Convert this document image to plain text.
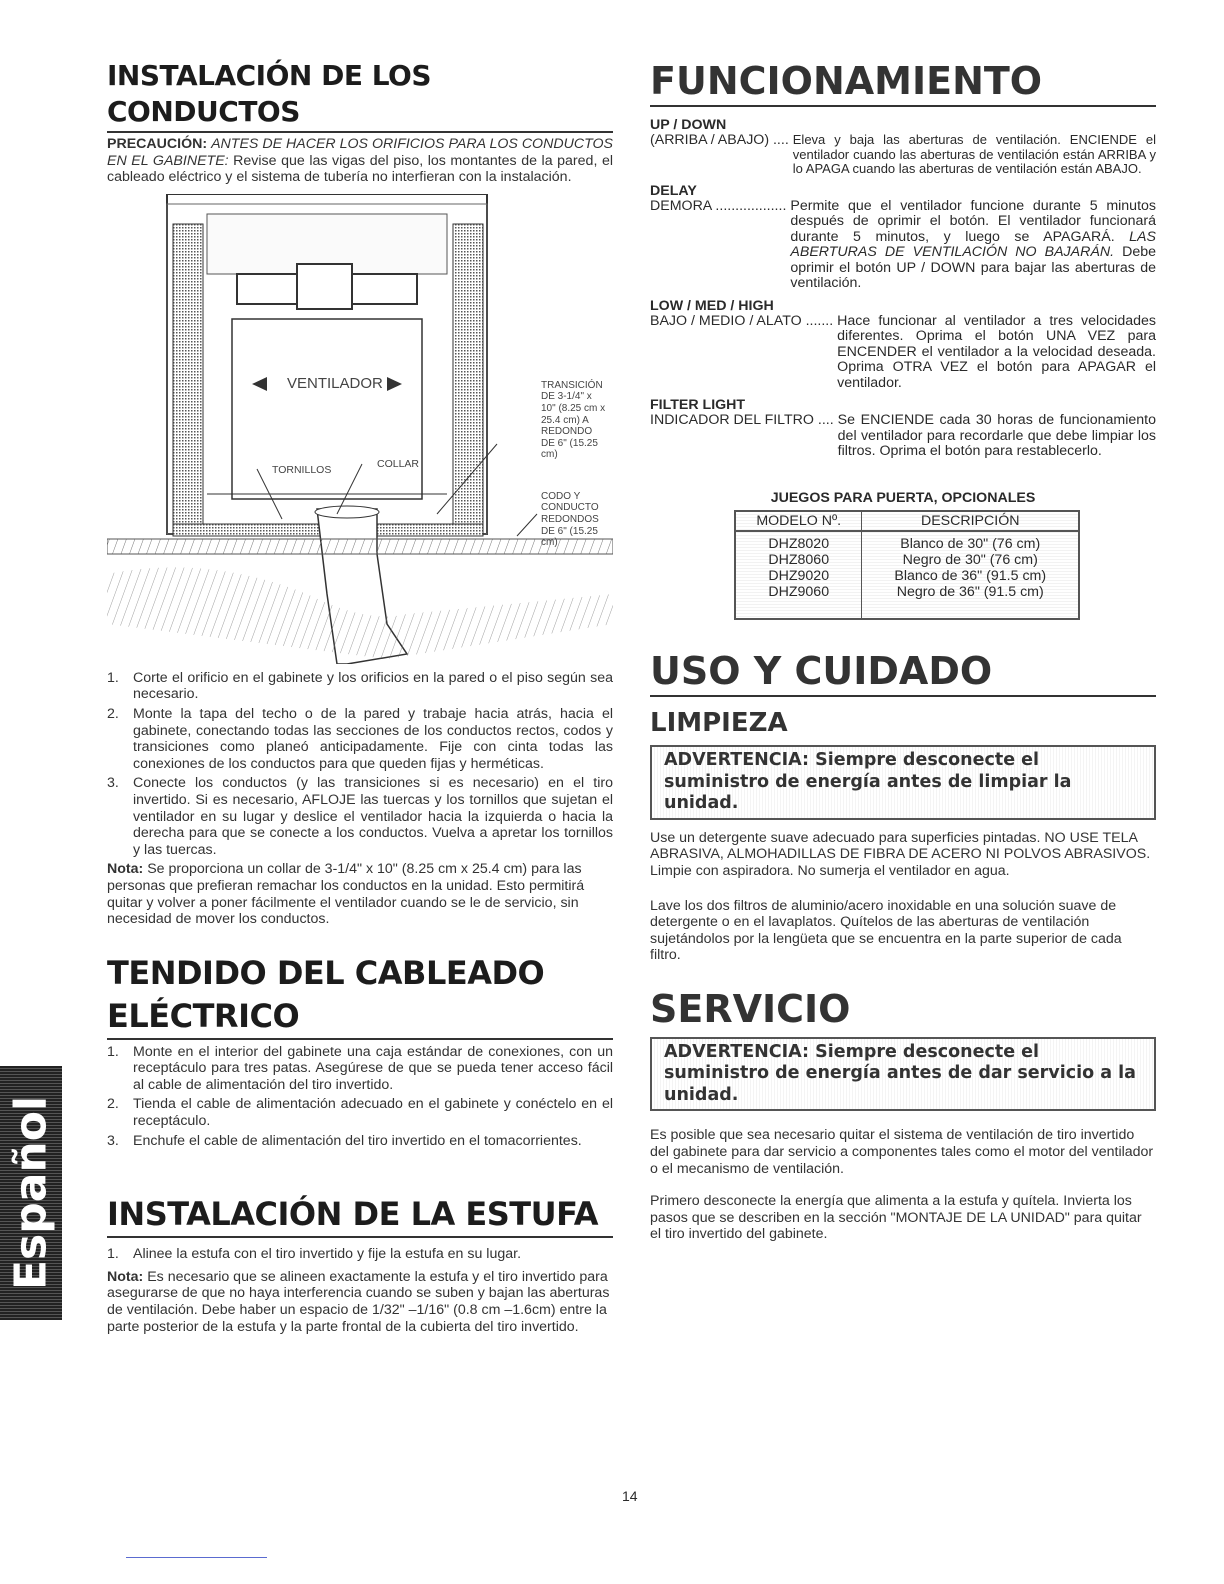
INSTALACIÓN DE LOS CONDUCTOS

PRECAUCIÓN: ANTES DE HACER LOS ORIFICIOS PARA LOS CONDUCTOS EN EL GABINETE: Revise que las vigas del piso, los montantes de la pared, el cableado eléctrico y el sistema de tubería no interfieran con la instalación.

VENTILADOR
TORNILLOS	COLLAR
TRANSICIÓN
DE 3-1/4" x
10" (8.25 cm x
25.4 cm) A
REDONDO
DE 6" (15.25
cm)
CODO Y
CONDUCTO
REDONDOS
DE 6" (15.25
cm)
1. Corte el orificio en el gabinete y los orificios en la pared o el piso según sea necesario.
2. Monte la tapa del techo o de la pared y trabaje hacia atrás, hacia el gabinete, conectando todas las secciones de los conductos rectos, codos y transiciones como planeó anticipadamente. Fije con cinta todas las conexiones de los conductos para que queden fijas y herméticas.
3. Conecte los conductos (y las transiciones si es necesario) en el tiro invertido. Si es necesario, AFLOJE las tuercas y los tornillos que sujetan el ventilador en su lugar y deslice el ventilador hacia la izquierda o hacia la derecha para que se conecte a los conductos. Vuelva a apretar los tornillos y las tuercas.

Nota: Se proporciona un collar de 3-1/4" x 10" (8.25 cm x 25.4 cm) para las personas que prefieran remachar los conductos en la unidad. Esto permitirá quitar y volver a poner fácilmente el ventilador cuando se le de servicio, sin necesidad de mover los conductos.

TENDIDO DEL CABLEADO
ELÉCTRICO
1. Monte en el interior del gabinete una caja estándar de conexiones, con un receptáculo para tres patas. Asegúrese de que se pueda tener acceso fácil al cable de alimentación del tiro invertido.
2. Tienda el cable de alimentación adecuado en el gabinete y conéctelo en el receptáculo.
3. Enchufe el cable de alimentación del tiro invertido en el tomacorrientes.
INSTALACIÓN DE LA ESTUFA
1. Alinee la estufa con el tiro invertido y fije la estufa en su lugar.

Nota: Es necesario que se alineen exactamente la estufa y el tiro invertido para asegurarse de que no haya interferencia cuando se suben y bajan las aberturas de ventilación. Debe haber un espacio de 1/32" –1/16" (0.8 cm –1.6cm) entre la parte posterior de la estufa y la parte frontal de la cubierta del tiro invertido.

FUNCIONAMIENTO
UP / DOWN
(ARRIBA / ABAJO) .... Eleva y baja las aberturas de ventilación. ENCIENDE el ventilador cuando las aberturas de ventilación están ARRIBA y lo APAGA cuando las aberturas de ventilación están ABAJO.
DELAY
DEMORA .................. Permite que el ventilador funcione durante 5 minutos después de oprimir el botón. El ventilador funcionará durante 5 minutos, y luego se APAGARÁ. LAS ABERTURAS DE VENTILACIÓN NO BAJARÁN. Debe oprimir el botón UP / DOWN para bajar las aberturas de ventilación.
LOW / MED / HIGH
BAJO / MEDIO / ALATO ....... Hace funcionar al ventilador a tres velocidades diferentes. Oprima el botón UNA VEZ para ENCENDER el ventilador a la velocidad deseada. Oprima OTRA VEZ el botón para APAGAR el ventilador.
FILTER LIGHT
INDICADOR DEL FILTRO .... Se ENCIENDE cada 30 horas de funcionamiento del ventilador para recordarle que debe limpiar los filtros. Oprima el botón para restablecerlo.
JUEGOS PARA PUERTA, OPCIONALES
MODELO Nº.	DESCRIPCIÓN
DHZ8020	Blanco de 30" (76 cm)
DHZ8060	Negro de 30" (76 cm)
DHZ9020	Blanco de 36" (91.5 cm)
DHZ9060	Negro de 36" (91.5 cm)
USO Y CUIDADO
LIMPIEZA
ADVERTENCIA: Siempre desconecte el suministro de energía antes de limpiar la unidad.

Use un detergente suave adecuado para superficies pintadas. NO USE TELA ABRASIVA, ALMOHADILLAS DE FIBRA DE ACERO NI POLVOS ABRASIVOS. Limpie con aspiradora. No sumerja el ventilador en agua.

Lave los dos filtros de aluminio/acero inoxidable en una solución suave de detergente o en el lavaplatos. Quítelos de las aberturas de ventilación sujetándolos por la lengüeta que se encuentra en la parte superior de cada filtro.

SERVICIO
ADVERTENCIA: Siempre desconecte el suministro de energía antes de dar servicio a la unidad.

Es posible que sea necesario quitar el sistema de ventilación de tiro invertido del gabinete para dar servicio a componentes tales como el motor del ventilador o el mecanismo de ventilación.

Primero desconecte la energía que alimenta a la estufa y quítela. Invierta los pasos que se describen en la sección "MONTAJE DE LA UNIDAD" para quitar el tiro invertido del gabinete.

Español
14
